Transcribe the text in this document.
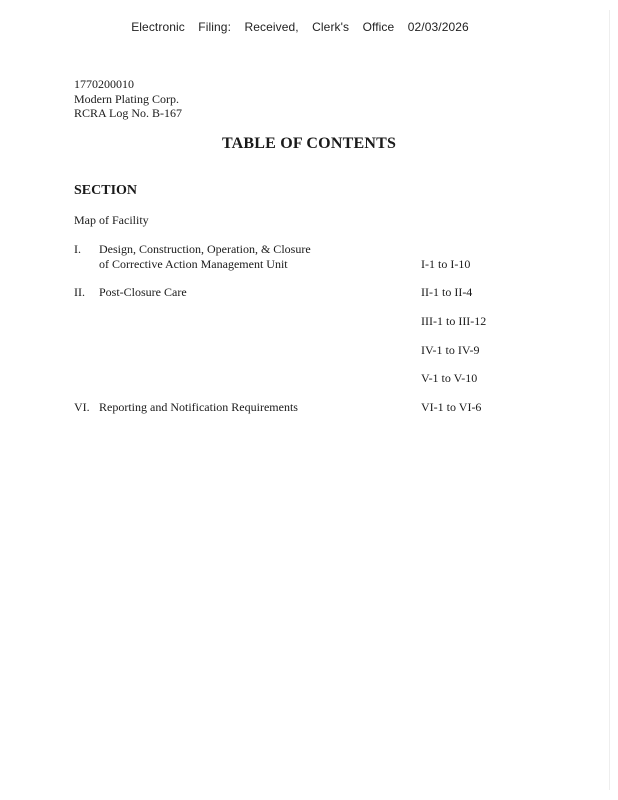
Electronic Filing: Received, Clerk's Office 02/03/2026
1770200010
Modern Plating Corp.
RCRA Log No. B-167
TABLE OF CONTENTS
SECTION
Map of Facility
I. Design, Construction, Operation, & Closure
of Corrective Action Management Unit	I-1 to I-10
II. Post-Closure Care	II-1 to II-4
III-1 to III-12
IV-1 to IV-9
V-1 to V-10
VI. Reporting and Notification Requirements	VI-1 to VI-6
